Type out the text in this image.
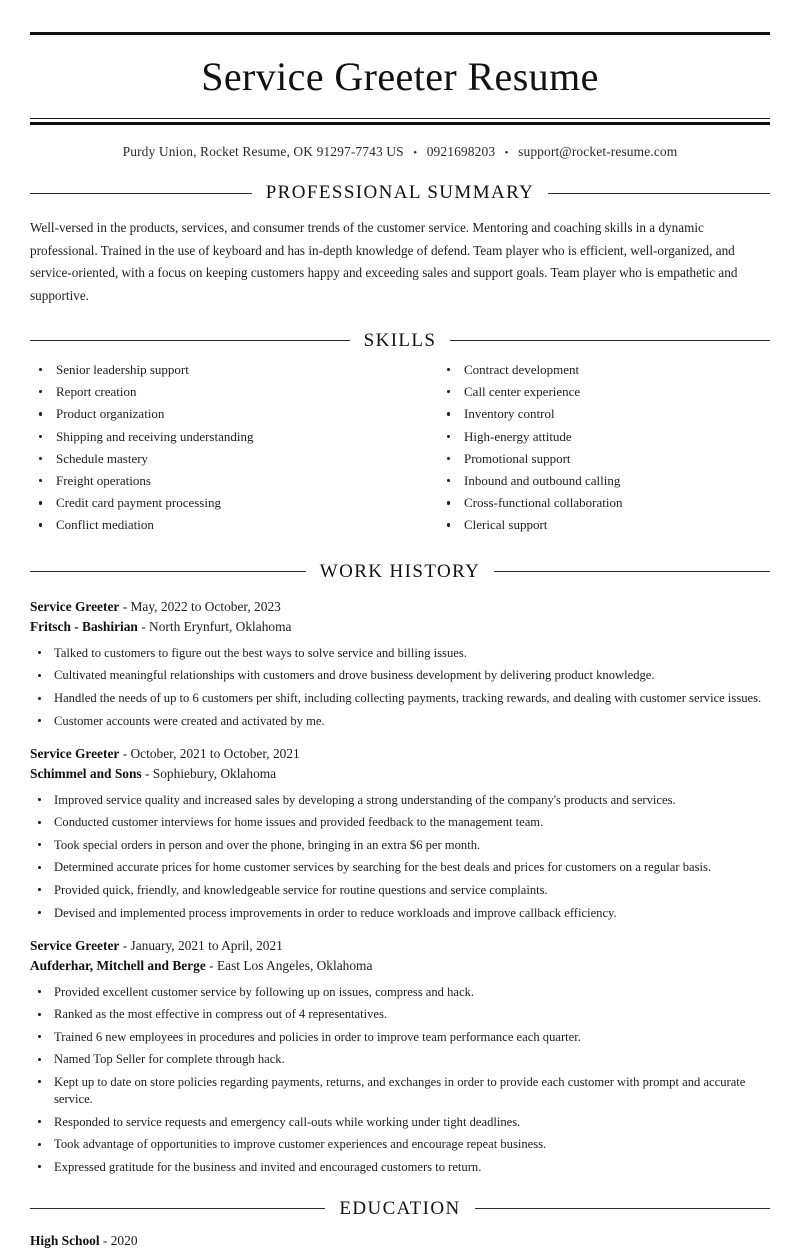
Service Greeter Resume
Purdy Union, Rocket Resume, OK 91297-7743 US • 0921698203 • support@rocket-resume.com
PROFESSIONAL SUMMARY
Well-versed in the products, services, and consumer trends of the customer service. Mentoring and coaching skills in a dynamic professional. Trained in the use of keyboard and has in-depth knowledge of defend. Team player who is efficient, well-organized, and service-oriented, with a focus on keeping customers happy and exceeding sales and support goals. Team player who is empathetic and supportive.
SKILLS
Senior leadership support
Report creation
Product organization
Shipping and receiving understanding
Schedule mastery
Freight operations
Credit card payment processing
Conflict mediation
Contract development
Call center experience
Inventory control
High-energy attitude
Promotional support
Inbound and outbound calling
Cross-functional collaboration
Clerical support
WORK HISTORY
Service Greeter - May, 2022 to October, 2023
Fritsch - Bashirian - North Erynfurt, Oklahoma
Talked to customers to figure out the best ways to solve service and billing issues.
Cultivated meaningful relationships with customers and drove business development by delivering product knowledge.
Handled the needs of up to 6 customers per shift, including collecting payments, tracking rewards, and dealing with customer service issues.
Customer accounts were created and activated by me.
Service Greeter - October, 2021 to October, 2021
Schimmel and Sons - Sophiebury, Oklahoma
Improved service quality and increased sales by developing a strong understanding of the company's products and services.
Conducted customer interviews for home issues and provided feedback to the management team.
Took special orders in person and over the phone, bringing in an extra $6 per month.
Determined accurate prices for home customer services by searching for the best deals and prices for customers on a regular basis.
Provided quick, friendly, and knowledgeable service for routine questions and service complaints.
Devised and implemented process improvements in order to reduce workloads and improve callback efficiency.
Service Greeter - January, 2021 to April, 2021
Aufderhar, Mitchell and Berge - East Los Angeles, Oklahoma
Provided excellent customer service by following up on issues, compress and hack.
Ranked as the most effective in compress out of 4 representatives.
Trained 6 new employees in procedures and policies in order to improve team performance each quarter.
Named Top Seller for complete through hack.
Kept up to date on store policies regarding payments, returns, and exchanges in order to provide each customer with prompt and accurate service.
Responded to service requests and emergency call-outs while working under tight deadlines.
Took advantage of opportunities to improve customer experiences and encourage repeat business.
Expressed gratitude for the business and invited and encouraged customers to return.
EDUCATION
High School - 2020
